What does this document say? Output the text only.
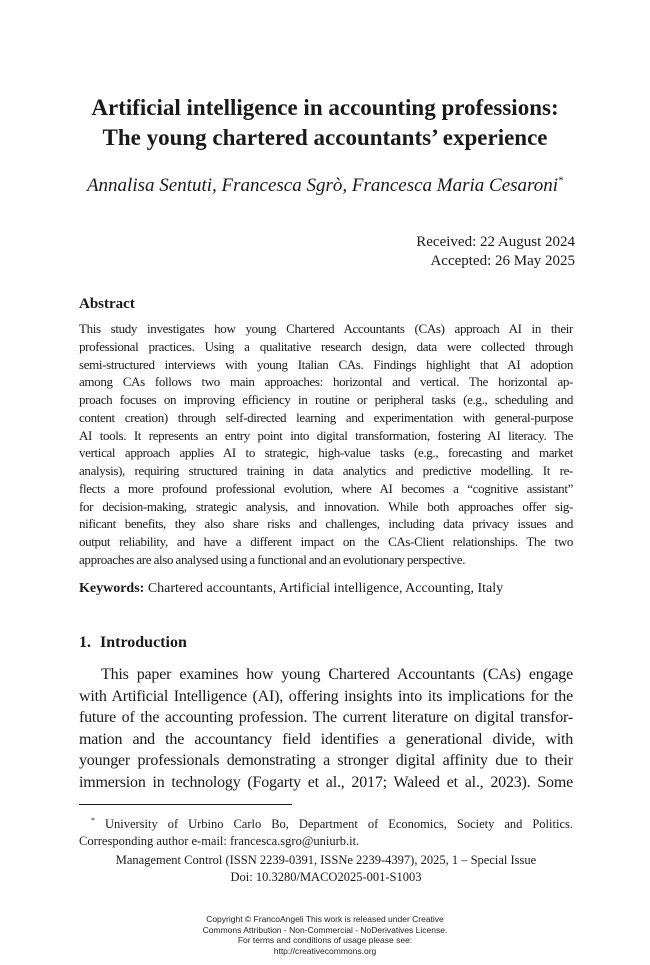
Artificial intelligence in accounting professions:
The young chartered accountants’ experience
Annalisa Sentuti, Francesca Sgrò, Francesca Maria Cesaroni*
Received: 22 August 2024
Accepted: 26 May 2025
Abstract
This study investigates how young Chartered Accountants (CAs) approach AI in their
professional practices. Using a qualitative research design, data were collected through
semi-structured interviews with young Italian CAs. Findings highlight that AI adoption
among CAs follows two main approaches: horizontal and vertical. The horizontal ap-
proach focuses on improving efficiency in routine or peripheral tasks (e.g., scheduling and
content creation) through self-directed learning and experimentation with general-purpose
AI tools. It represents an entry point into digital transformation, fostering AI literacy. The
vertical approach applies AI to strategic, high-value tasks (e.g., forecasting and market
analysis), requiring structured training in data analytics and predictive modelling. It re-
flects a more profound professional evolution, where AI becomes a “cognitive assistant”
for decision-making, strategic analysis, and innovation. While both approaches offer sig-
nificant benefits, they also share risks and challenges, including data privacy issues and
output reliability, and have a different impact on the CAs-Client relationships. The two
approaches are also analysed using a functional and an evolutionary perspective.
Keywords: Chartered accountants, Artificial intelligence, Accounting, Italy
1. Introduction
This paper examines how young Chartered Accountants (CAs) engage
with Artificial Intelligence (AI), offering insights into its implications for the
future of the accounting profession. The current literature on digital transfor-
mation and the accountancy field identifies a generational divide, with
younger professionals demonstrating a stronger digital affinity due to their
immersion in technology (Fogarty et al., 2017; Waleed et al., 2023). Some
* University of Urbino Carlo Bo, Department of Economics, Society and Politics.
Corresponding author e-mail: francesca.sgro@uniurb.it.
Management Control (ISSN 2239-0391, ISSNe 2239-4397), 2025, 1 – Special Issue
Doi: 10.3280/MACO2025-001-S1003
Copyright © FrancoAngeli This work is released under Creative
Commons Attribution - Non-Commercial - NoDerivatives License.
For terms and conditions of usage please see:
http://creativecommons.org
